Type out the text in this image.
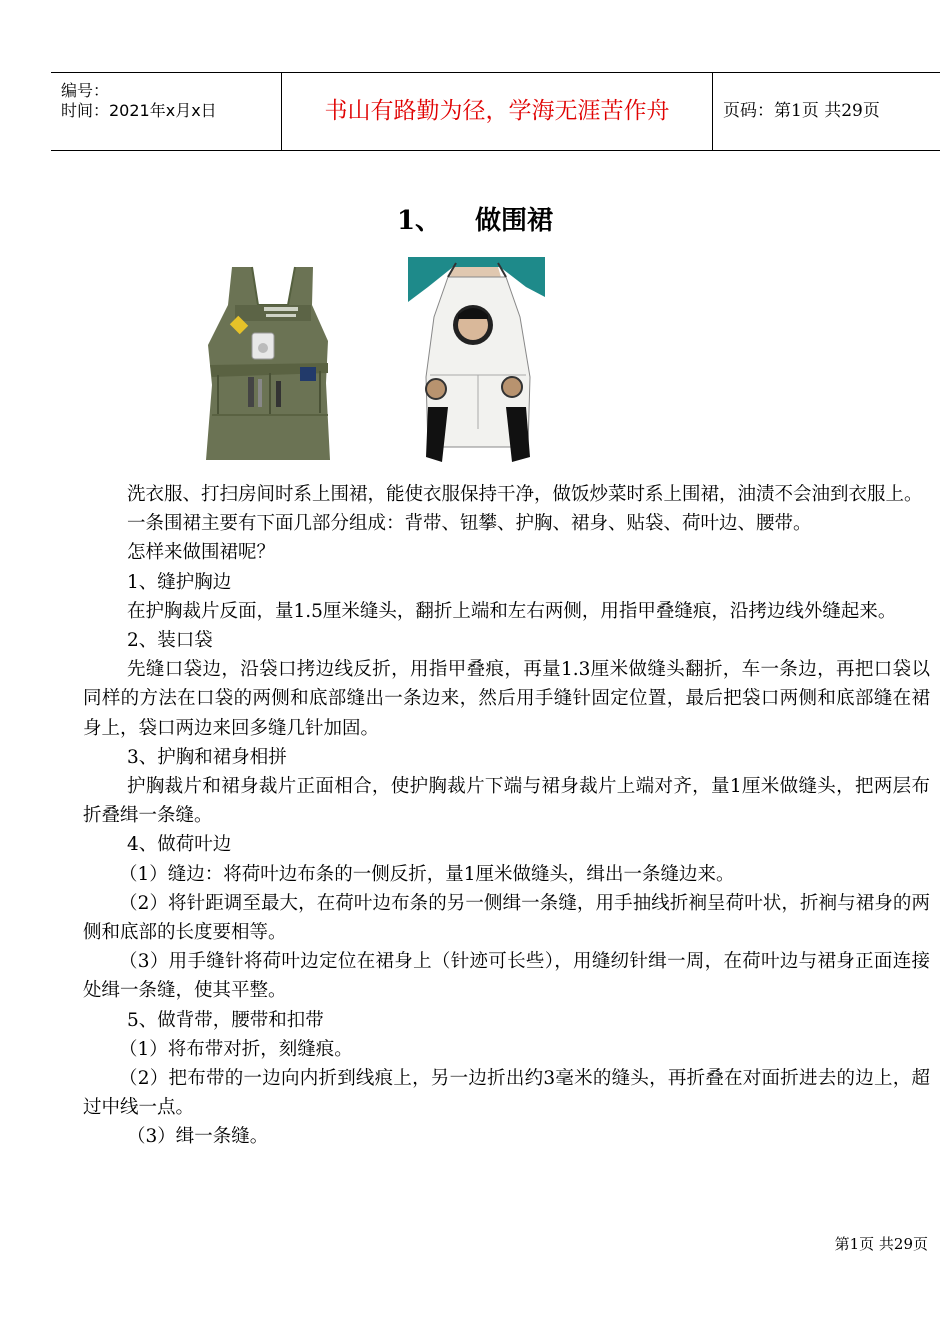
编号：
时间：2021年x月x日	书山有路勤为径，学海无涯苦作舟	页码：第1页 共29页
1、 做围裙

洗衣服、打扫房间时系上围裙，能使衣服保持干净，做饭炒菜时系上围裙，油渍不会油到衣服上。

一条围裙主要有下面几部分组成：背带、钮攀、护胸、裙身、贴袋、荷叶边、腰带。

怎样来做围裙呢？

1、缝护胸边

在护胸裁片反面，量1.5厘米缝头，翻折上端和左右两侧，用指甲叠缝痕，沿拷边线外缝起来。

2、装口袋

先缝口袋边，沿袋口拷边线反折，用指甲叠痕，再量1.3厘米做缝头翻折，车一条边，再把口袋以同样的方法在口袋的两侧和底部缝出一条边来，然后用手缝针固定位置，最后把袋口两侧和底部缝在裙身上，袋口两边来回多缝几针加固。

3、护胸和裙身相拼

护胸裁片和裙身裁片正面相合，使护胸裁片下端与裙身裁片上端对齐，量1厘米做缝头，把两层布折叠缉一条缝。

4、做荷叶边

（1）缝边：将荷叶边布条的一侧反折，量1厘米做缝头，缉出一条缝边来。

（2）将针距调至最大，在荷叶边布条的另一侧缉一条缝，用手抽线折裥呈荷叶状，折裥与裙身的两侧和底部的长度要相等。

（3）用手缝针将荷叶边定位在裙身上（针迹可长些），用缝纫针缉一周，在荷叶边与裙身正面连接处缉一条缝，使其平整。

5、做背带，腰带和扣带

（1）将布带对折，刻缝痕。

（2）把布带的一边向内折到线痕上，另一边折出约3毫米的缝头，再折叠在对面折进去的边上，超过中线一点。

（3）缉一条缝。

第1页 共29页
